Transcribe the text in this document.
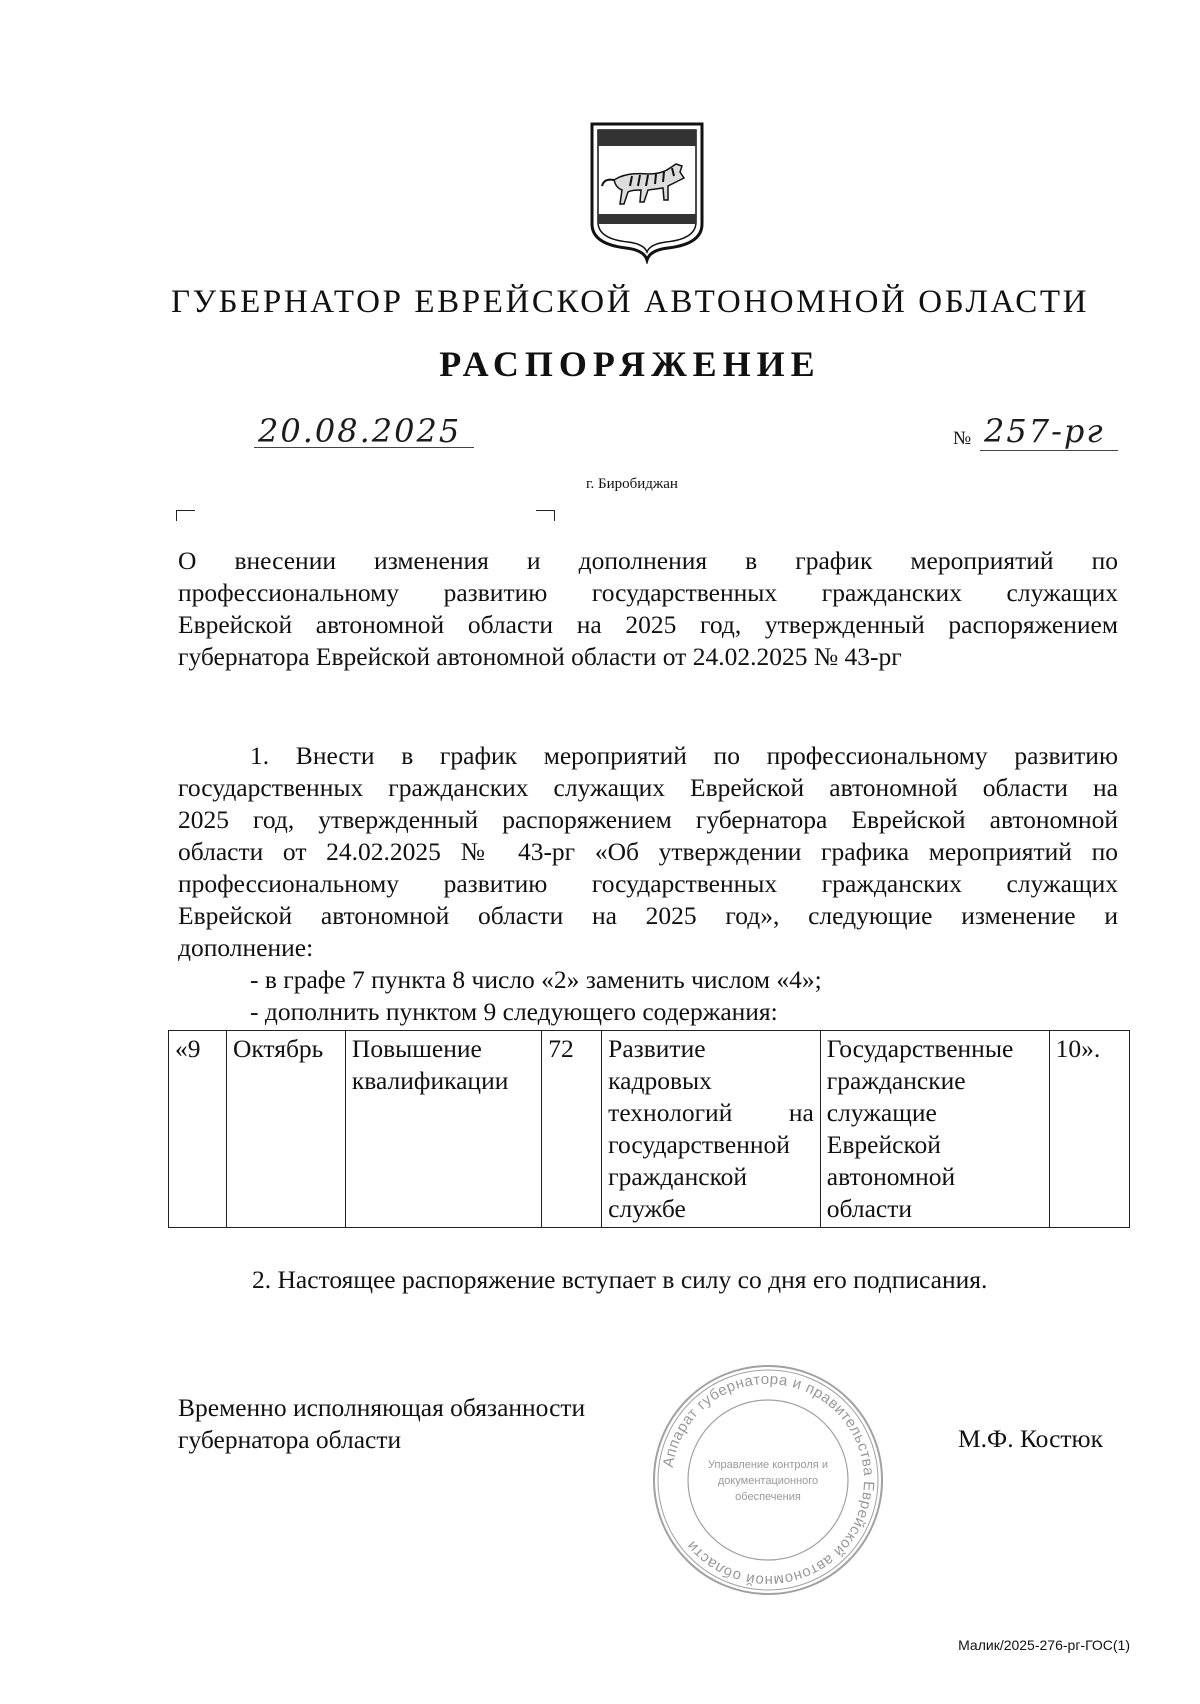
ГУБЕРНАТОР ЕВРЕЙСКОЙ АВТОНОМНОЙ ОБЛАСТИ
РАСПОРЯЖЕНИЕ
20.08.2025	№ 257-рг
г. Биробиджан
О внесении изменения и дополнения в график мероприятий по
профессиональному развитию государственных гражданских служащих
Еврейской автономной области на 2025 год, утвержденный распоряжением
губернатора Еврейской автономной области от 24.02.2025 № 43-рг
1. Внести в график мероприятий по профессиональному развитию
государственных гражданских служащих Еврейской автономной области на
2025 год, утвержденный распоряжением губернатора Еврейской автономной
области от 24.02.2025 № 43-рг «Об утверждении графика мероприятий по
профессиональному развитию государственных гражданских служащих
Еврейской автономной области на 2025 год», следующие изменение и
дополнение:
- в графе 7 пункта 8 число «2» заменить числом «4»;
- дополнить пунктом 9 следующего содержания:
«9	Октябрь	Повышение квалификации	72	Развитие кадровых технологий на государственной гражданской службе	Государственные гражданские служащие Еврейской автономной области	10».
2. Настоящее распоряжение вступает в силу со дня его подписания.
Временно исполняющая обязанности
губернатора области	М.Ф. Костюк
Аппарат губернатора и правительства Еврейской автономной области
Управление контроля и
документационного
обеспечения
Малик/2025-276-рг-ГОС(1)
